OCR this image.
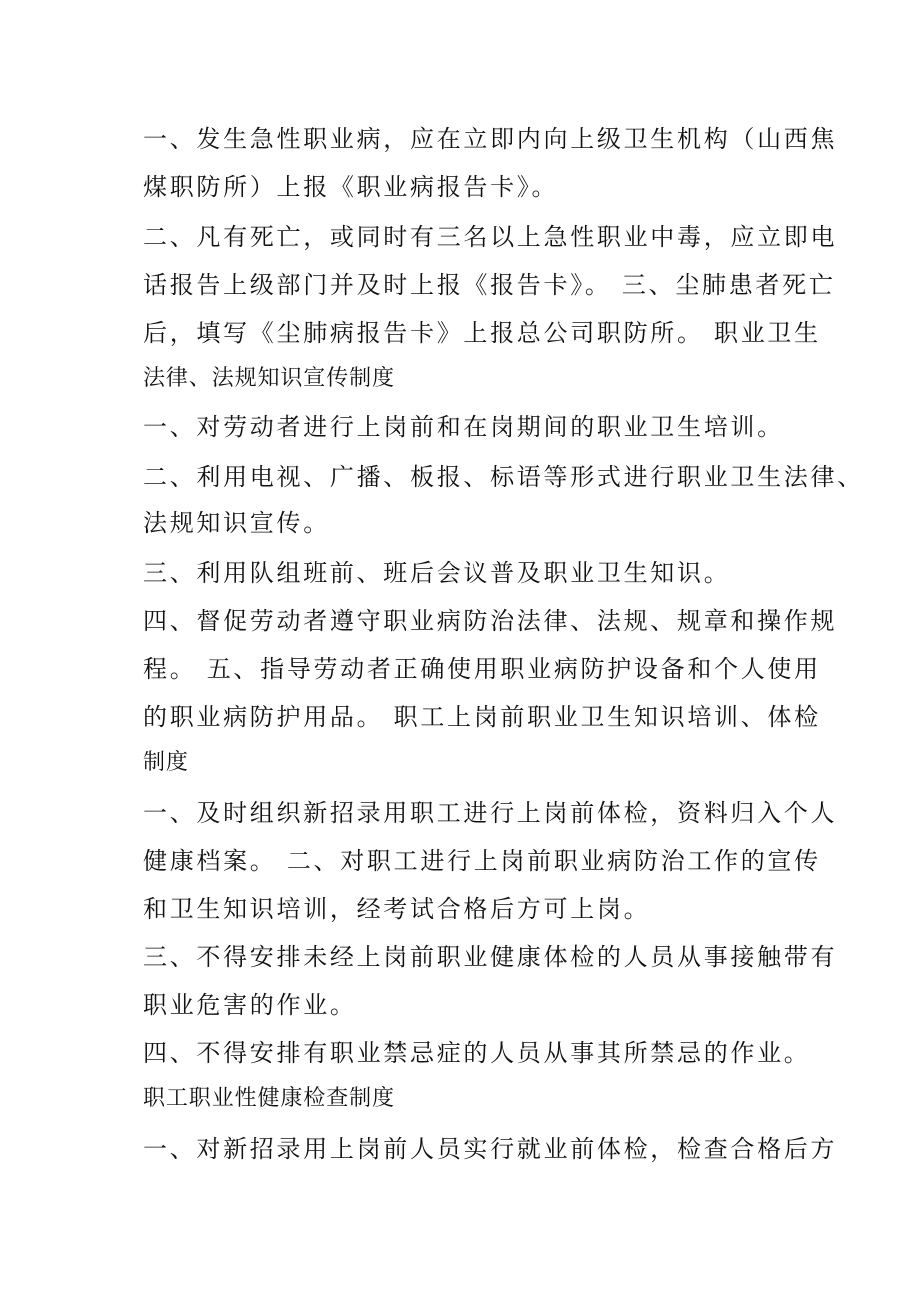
一、发生急性职业病，应在立即内向上级卫生机构（山西焦
煤职防所）上报《职业病报告卡》。
二、凡有死亡，或同时有三名以上急性职业中毒，应立即电
话报告上级部门并及时上报《报告卡》。 三、尘肺患者死亡
后，填写《尘肺病报告卡》上报总公司职防所。 职业卫生
法律、法规知识宣传制度
一、对劳动者进行上岗前和在岗期间的职业卫生培训。
二、利用电视、广播、板报、标语等形式进行职业卫生法律、
法规知识宣传。
三、利用队组班前、班后会议普及职业卫生知识。
四、督促劳动者遵守职业病防治法律、法规、规章和操作规
程。 五、指导劳动者正确使用职业病防护设备和个人使用
的职业病防护用品。 职工上岗前职业卫生知识培训、体检
制度
一、及时组织新招录用职工进行上岗前体检，资料归入个人
健康档案。 二、对职工进行上岗前职业病防治工作的宣传
和卫生知识培训，经考试合格后方可上岗。
三、不得安排未经上岗前职业健康体检的人员从事接触带有
职业危害的作业。
四、不得安排有职业禁忌症的人员从事其所禁忌的作业。
职工职业性健康检查制度
一、对新招录用上岗前人员实行就业前体检，检查合格后方
